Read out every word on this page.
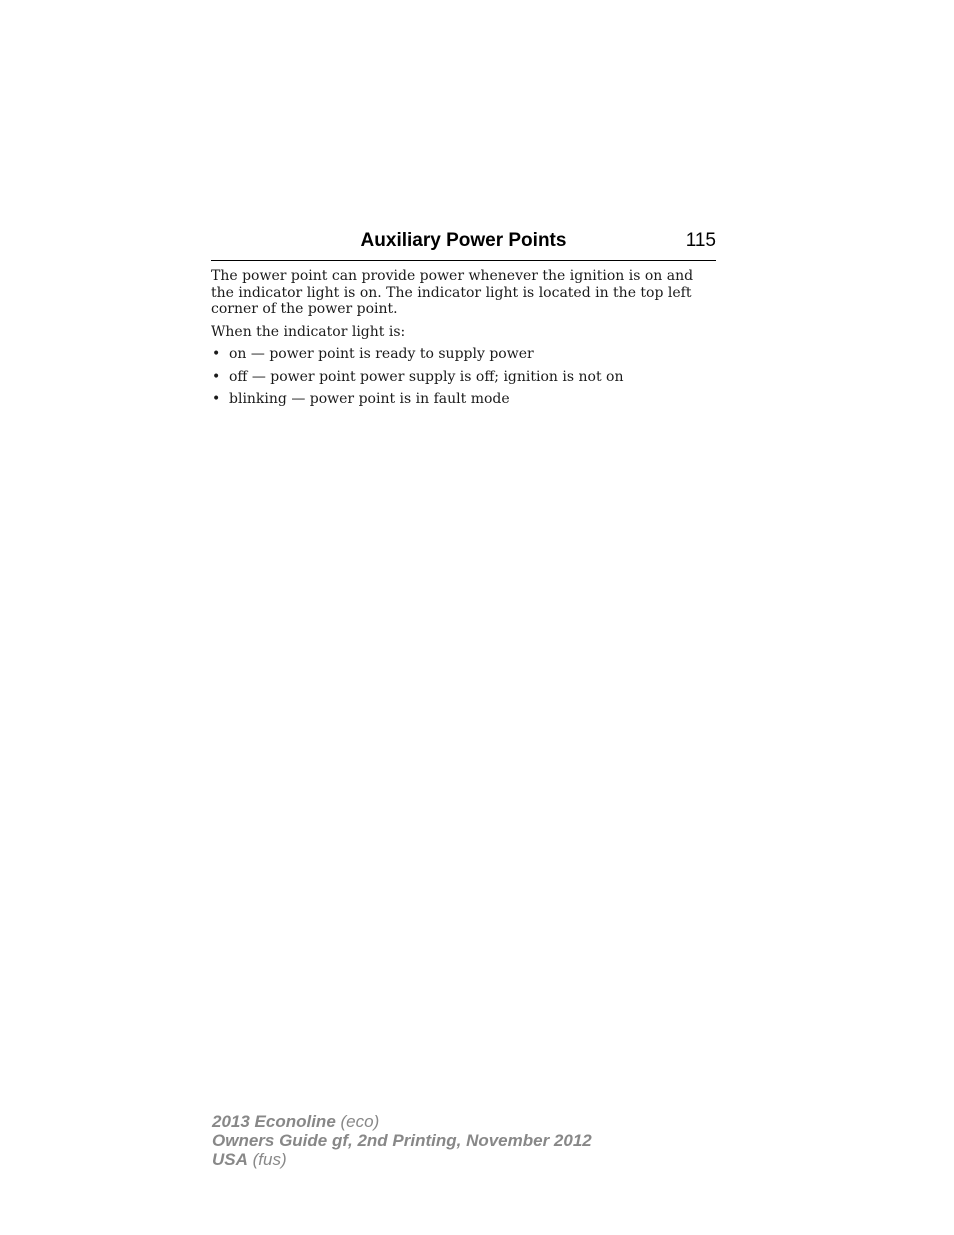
Auxiliary Power Points	115

The power point can provide power whenever the ignition is on and the indicator light is on. The indicator light is located in the top left corner of the power point.

When the indicator light is:

• on — power point is ready to supply power
• off — power point power supply is off; ignition is not on
• blinking — power point is in fault mode
2013 Econoline (eco)
Owners Guide gf, 2nd Printing, November 2012
USA (fus)
